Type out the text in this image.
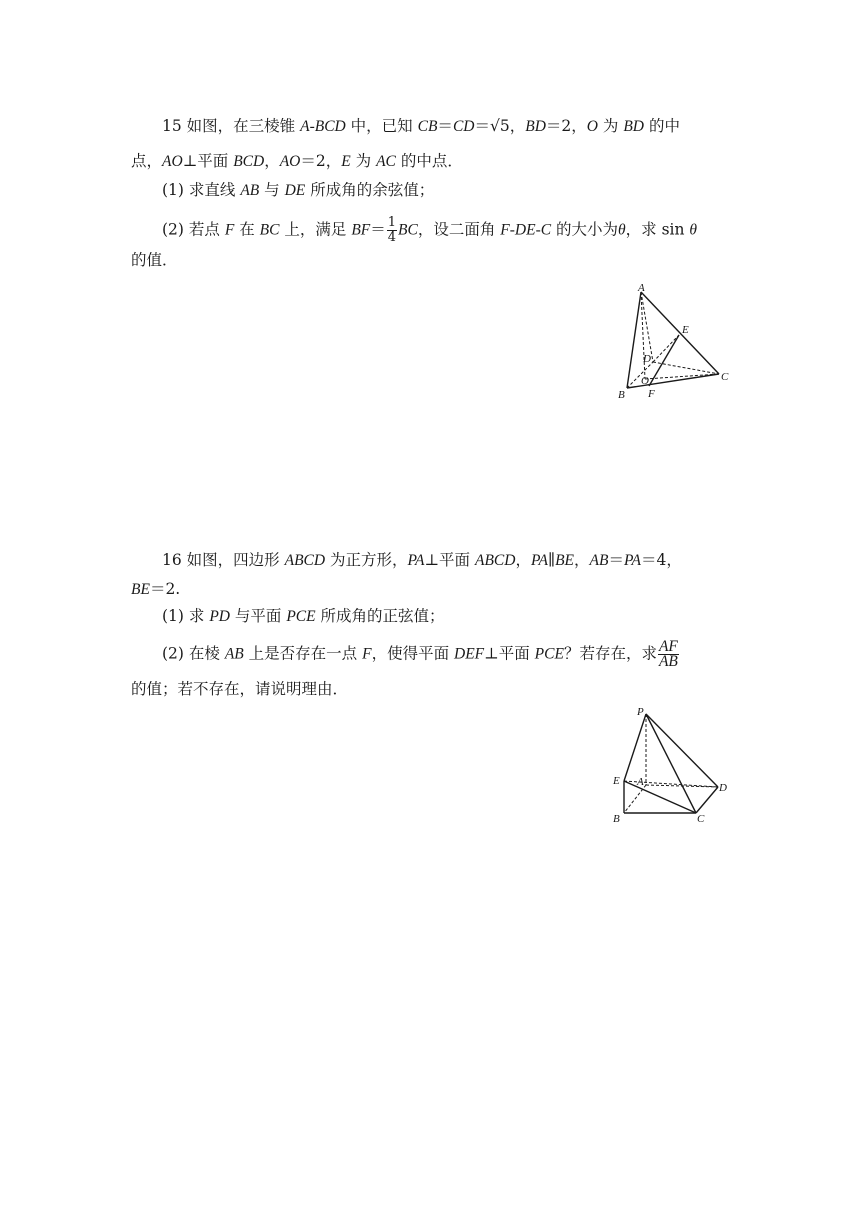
15 如图，在三棱锥 A-BCD 中，已知 CB＝CD＝√5，BD＝2，O 为 BD 的中
点，AO⊥平面 BCD，AO＝2，E 为 AC 的中点．
(1) 求直线 AB 与 DE 所成角的余弦值；
(2) 若点 F 在 BC 上，满足 $BF= \frac{1}{4}$ BC，设二面角 F-DE-C 的大小为θ，求 sin θ
的值．
A
E
D
O	C
B F
16 如图，四边形 ABCD 为正方形，PA⊥平面 ABCD，PA∥BE，AB＝PA＝4，
BE＝2.
(1) 求 PD 与平面 PCE 所成角的正弦值；
(2) 在棱 AB 上是否存在一点 F，使得平面 DEF⊥平面 PCE？若存在，求 $\frac{AF}{AB}$
的值；若不存在，请说明理由．
P
E A	D
B	C
